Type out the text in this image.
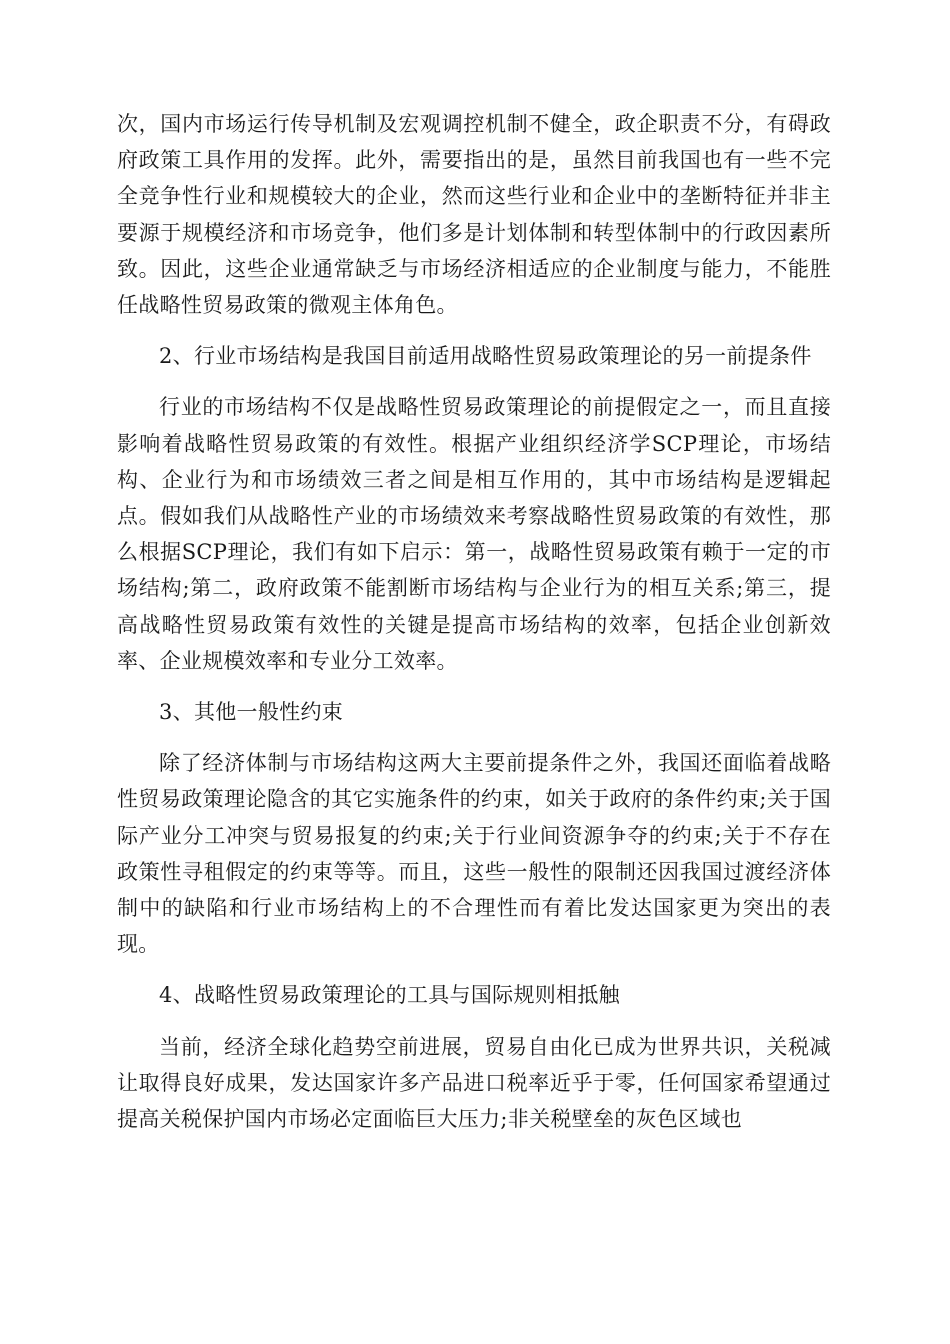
次，国内市场运行传导机制及宏观调控机制不健全，政企职责不分，有碍政府政策工具作用的发挥。此外，需要指出的是，虽然目前我国也有一些不完全竞争性行业和规模较大的企业，然而这些行业和企业中的垄断特征并非主要源于规模经济和市场竞争，他们多是计划体制和转型体制中的行政因素所致。因此，这些企业通常缺乏与市场经济相适应的企业制度与能力，不能胜任战略性贸易政策的微观主体角色。

2、行业市场结构是我国目前适用战略性贸易政策理论的另一前提条件

行业的市场结构不仅是战略性贸易政策理论的前提假定之一，而且直接影响着战略性贸易政策的有效性。根据产业组织经济学SCP理论，市场结构、企业行为和市场绩效三者之间是相互作用的，其中市场结构是逻辑起点。假如我们从战略性产业的市场绩效来考察战略性贸易政策的有效性，那么根据SCP理论，我们有如下启示：第一，战略性贸易政策有赖于一定的市场结构;第二，政府政策不能割断市场结构与企业行为的相互关系;第三，提高战略性贸易政策有效性的关键是提高市场结构的效率，包括企业创新效率、企业规模效率和专业分工效率。

3、其他一般性约束

除了经济体制与市场结构这两大主要前提条件之外，我国还面临着战略性贸易政策理论隐含的其它实施条件的约束，如关于政府的条件约束;关于国际产业分工冲突与贸易报复的约束;关于行业间资源争夺的约束;关于不存在政策性寻租假定的约束等等。而且，这些一般性的限制还因我国过渡经济体制中的缺陷和行业市场结构上的不合理性而有着比发达国家更为突出的表现。

4、战略性贸易政策理论的工具与国际规则相抵触

当前，经济全球化趋势空前进展，贸易自由化已成为世界共识，关税减让取得良好成果，发达国家许多产品进口税率近乎于零，任何国家希望通过提高关税保护国内市场必定面临巨大压力;非关税壁垒的灰色区域也
